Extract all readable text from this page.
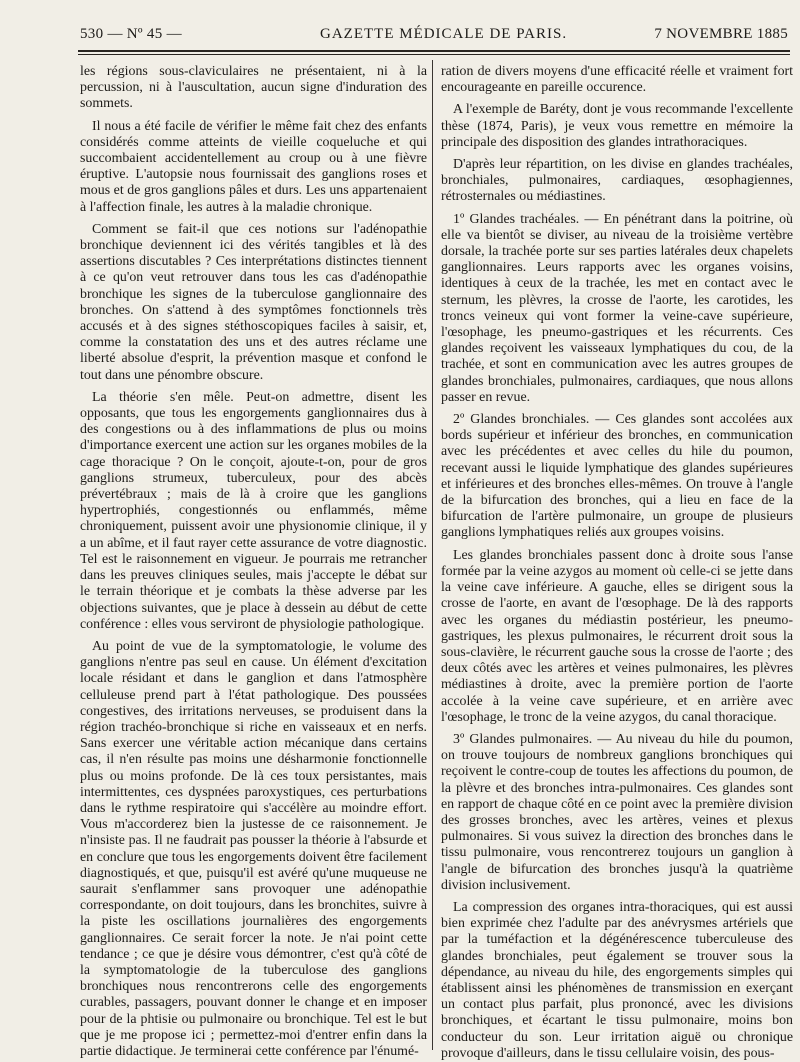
530 — Nº 45 —	GAZETTE MÉDICALE DE PARIS.	7 NOVEMBRE 1885

les régions sous-claviculaires ne présentaient, ni à la percussion, ni à l'auscultation, aucun signe d'induration des sommets.

Il nous a été facile de vérifier le même fait chez des enfants considérés comme atteints de vieille coqueluche et qui succombaient accidentellement au croup ou à une fièvre éruptive. L'autopsie nous fournissait des ganglions roses et mous et de gros ganglions pâles et durs. Les uns appartenaient à l'affection finale, les autres à la maladie chronique.

Comment se fait-il que ces notions sur l'adénopathie bronchique deviennent ici des vérités tangibles et là des assertions discutables ? Ces interprétations distinctes tiennent à ce qu'on veut retrouver dans tous les cas d'adénopathie bronchique les signes de la tuberculose ganglionnaire des bronches. On s'attend à des symptômes fonctionnels très accusés et à des signes stéthoscopiques faciles à saisir, et, comme la constatation des uns et des autres réclame une liberté absolue d'esprit, la prévention masque et confond le tout dans une pénombre obscure.

La théorie s'en mêle. Peut-on admettre, disent les opposants, que tous les engorgements ganglionnaires dus à des congestions ou à des inflammations de plus ou moins d'importance exercent une action sur les organes mobiles de la cage thoracique ? On le conçoit, ajoute-t-on, pour de gros ganglions strumeux, tuberculeux, pour des abcès prévertébraux ; mais de là à croire que les ganglions hypertrophiés, congestionnés ou enflammés, même chroniquement, puissent avoir une physionomie clinique, il y a un abîme, et il faut rayer cette assurance de votre diagnostic. Tel est le raisonnement en vigueur. Je pourrais me retrancher dans les preuves cliniques seules, mais j'accepte le débat sur le terrain théorique et je combats la thèse adverse par les objections suivantes, que je place à dessein au début de cette conférence : elles vous serviront de physiologie pathologique.

Au point de vue de la symptomatologie, le volume des ganglions n'entre pas seul en cause. Un élément d'excitation locale résidant et dans le ganglion et dans l'atmosphère celluleuse prend part à l'état pathologique. Des poussées congestives, des irritations nerveuses, se produisent dans la région trachéo-bronchique si riche en vaisseaux et en nerfs. Sans exercer une véritable action mécanique dans certains cas, il n'en résulte pas moins une désharmonie fonctionnelle plus ou moins profonde. De là ces toux persistantes, mais intermittentes, ces dyspnées paroxystiques, ces perturbations dans le rythme respiratoire qui s'accélère au moindre effort. Vous m'accorderez bien la justesse de ce raisonnement. Je n'insiste pas. Il ne faudrait pas pousser la théorie à l'absurde et en conclure que tous les engorgements doivent être facilement diagnostiqués, et que, puisqu'il est avéré qu'une muqueuse ne saurait s'enflammer sans provoquer une adénopathie correspondante, on doit toujours, dans les bronchites, suivre à la piste les oscillations journalières des engorgements ganglionnaires. Ce serait forcer la note. Je n'ai point cette tendance ; ce que je désire vous démontrer, c'est qu'à côté de la symptomatologie de la tuberculose des ganglions bronchiques nous rencontrerons celle des engorgements curables, passagers, pouvant donner le change et en imposer pour de la phtisie ou pulmonaire ou bronchique. Tel est le but que je me propose ici ; permettez-moi d'entrer enfin dans la partie didactique. Je terminerai cette conférence par l'énumé-

ration de divers moyens d'une efficacité réelle et vraiment fort encourageante en pareille occurence.

A l'exemple de Baréty, dont je vous recommande l'excellente thèse (1874, Paris), je veux vous remettre en mémoire la principale des disposition des glandes intrathoraciques.

D'après leur répartition, on les divise en glandes trachéales, bronchiales, pulmonaires, cardiaques, œsophagiennes, rétrosternales ou médiastines.

1º Glandes trachéales. — En pénétrant dans la poitrine, où elle va bientôt se diviser, au niveau de la troisième vertèbre dorsale, la trachée porte sur ses parties latérales deux chapelets ganglionnaires. Leurs rapports avec les organes voisins, identiques à ceux de la trachée, les met en contact avec le sternum, les plèvres, la crosse de l'aorte, les carotides, les troncs veineux qui vont former la veine-cave supérieure, l'œsophage, les pneumo-gastriques et les récurrents. Ces glandes reçoivent les vaisseaux lymphatiques du cou, de la trachée, et sont en communication avec les autres groupes de glandes bronchiales, pulmonaires, cardiaques, que nous allons passer en revue.

2º Glandes bronchiales. — Ces glandes sont accolées aux bords supérieur et inférieur des bronches, en communication avec les précédentes et avec celles du hile du poumon, recevant aussi le liquide lymphatique des glandes supérieures et inférieures et des bronches elles-mêmes. On trouve à l'angle de la bifurcation des bronches, qui a lieu en face de la bifurcation de l'artère pulmonaire, un groupe de plusieurs ganglions lymphatiques reliés aux groupes voisins.

Les glandes bronchiales passent donc à droite sous l'anse formée par la veine azygos au moment où celle-ci se jette dans la veine cave inférieure. A gauche, elles se dirigent sous la crosse de l'aorte, en avant de l'œsophage. De là des rapports avec les organes du médiastin postérieur, les pneumo-gastriques, les plexus pulmonaires, le récurrent droit sous la sous-clavière, le récurrent gauche sous la crosse de l'aorte ; des deux côtés avec les artères et veines pulmonaires, les plèvres médiastines à droite, avec la première portion de l'aorte accolée à la veine cave supérieure, et en arrière avec l'œsophage, le tronc de la veine azygos, du canal thoracique.

3º Glandes pulmonaires. — Au niveau du hile du poumon, on trouve toujours de nombreux ganglions bronchiques qui reçoivent le contre-coup de toutes les affections du poumon, de la plèvre et des bronches intra-pulmonaires. Ces glandes sont en rapport de chaque côté en ce point avec la première division des grosses bronches, avec les artères, veines et plexus pulmonaires. Si vous suivez la direction des bronches dans le tissu pulmonaire, vous rencontrerez toujours un ganglion à l'angle de bifurcation des bronches jusqu'à la quatrième division inclusivement.

La compression des organes intra-thoraciques, qui est aussi bien exprimée chez l'adulte par des anévrysmes artériels que par la tuméfaction et la dégénérescence tuberculeuse des glandes bronchiales, peut également se trouver sous la dépendance, au niveau du hile, des engorgements simples qui établissent ainsi les phénomènes de transmission en exerçant un contact plus parfait, plus prononcé, avec les divisions bronchiques, et écartant le tissu pulmonaire, moins bon conducteur du son. Leur irritation aiguë ou chronique provoque d'ailleurs, dans le tissu cellulaire voisin, des pous-
